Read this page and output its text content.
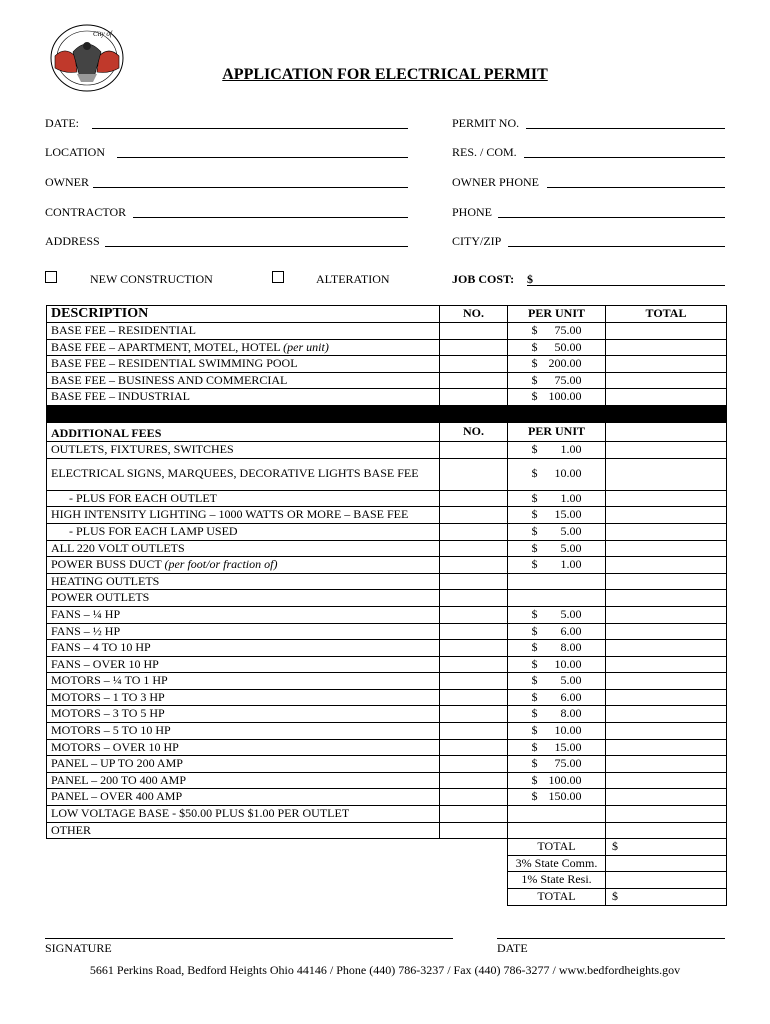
City of
APPLICATION FOR ELECTRICAL PERMIT
DATE:	PERMIT NO.
LOCATION	RES. / COM.
OWNER	OWNER PHONE
CONTRACTOR	PHONE
ADDRESS	CITY/ZIP
NEW CONSTRUCTION	ALTERATION	JOB COST: $
DESCRIPTION	NO.	PER UNIT	TOTAL
BASE FEE – RESIDENTIAL		$ 75.00	

BASE FEE – APARTMENT, MOTEL, HOTEL (per unit)		$ 50.00	

BASE FEE – RESIDENTIAL SWIMMING POOL		$ 200.00	

BASE FEE – BUSINESS AND COMMERCIAL		$ 75.00	

BASE FEE – INDUSTRIAL		$ 100.00	

ADDITIONAL FEES	NO.	PER UNIT	
OUTLETS, FIXTURES, SWITCHES		$ 1.00	

ELECTRICAL SIGNS, MARQUEES, DECORATIVE LIGHTS BASE FEE		$ 10.00	

- PLUS FOR EACH OUTLET		$ 1.00	

HIGH INTENSITY LIGHTING – 1000 WATTS OR MORE – BASE FEE		$ 15.00	

- PLUS FOR EACH LAMP USED		$ 5.00	

ALL 220 VOLT OUTLETS		$ 5.00	

POWER BUSS DUCT (per foot/or fraction of)		$ 1.00	

HEATING OUTLETS			
POWER OUTLETS			
FANS – ¼ HP		$ 5.00	

FANS – ½ HP		$ 6.00	

FANS – 4 TO 10 HP		$ 8.00	

FANS – OVER 10 HP		$ 10.00	

MOTORS – ¼ TO 1 HP		$ 5.00	

MOTORS – 1 TO 3 HP		$ 6.00	

MOTORS – 3 TO 5 HP		$ 8.00	

MOTORS – 5 TO 10 HP		$ 10.00	

MOTORS – OVER 10 HP		$ 15.00	

PANEL – UP TO 200 AMP		$ 75.00	

PANEL – 200 TO 400 AMP		$ 100.00	

PANEL – OVER 400 AMP		$ 150.00	

LOW VOLTAGE BASE - $50.00 PLUS $1.00 PER OUTLET			
OTHER			
		TOTAL	$
		3% State Comm.	
		1% State Resi.	
		TOTAL	$
SIGNATURE	DATE
5661 Perkins Road, Bedford Heights Ohio 44146 / Phone (440) 786-3237 / Fax (440) 786-3277 / www.bedfordheights.gov
